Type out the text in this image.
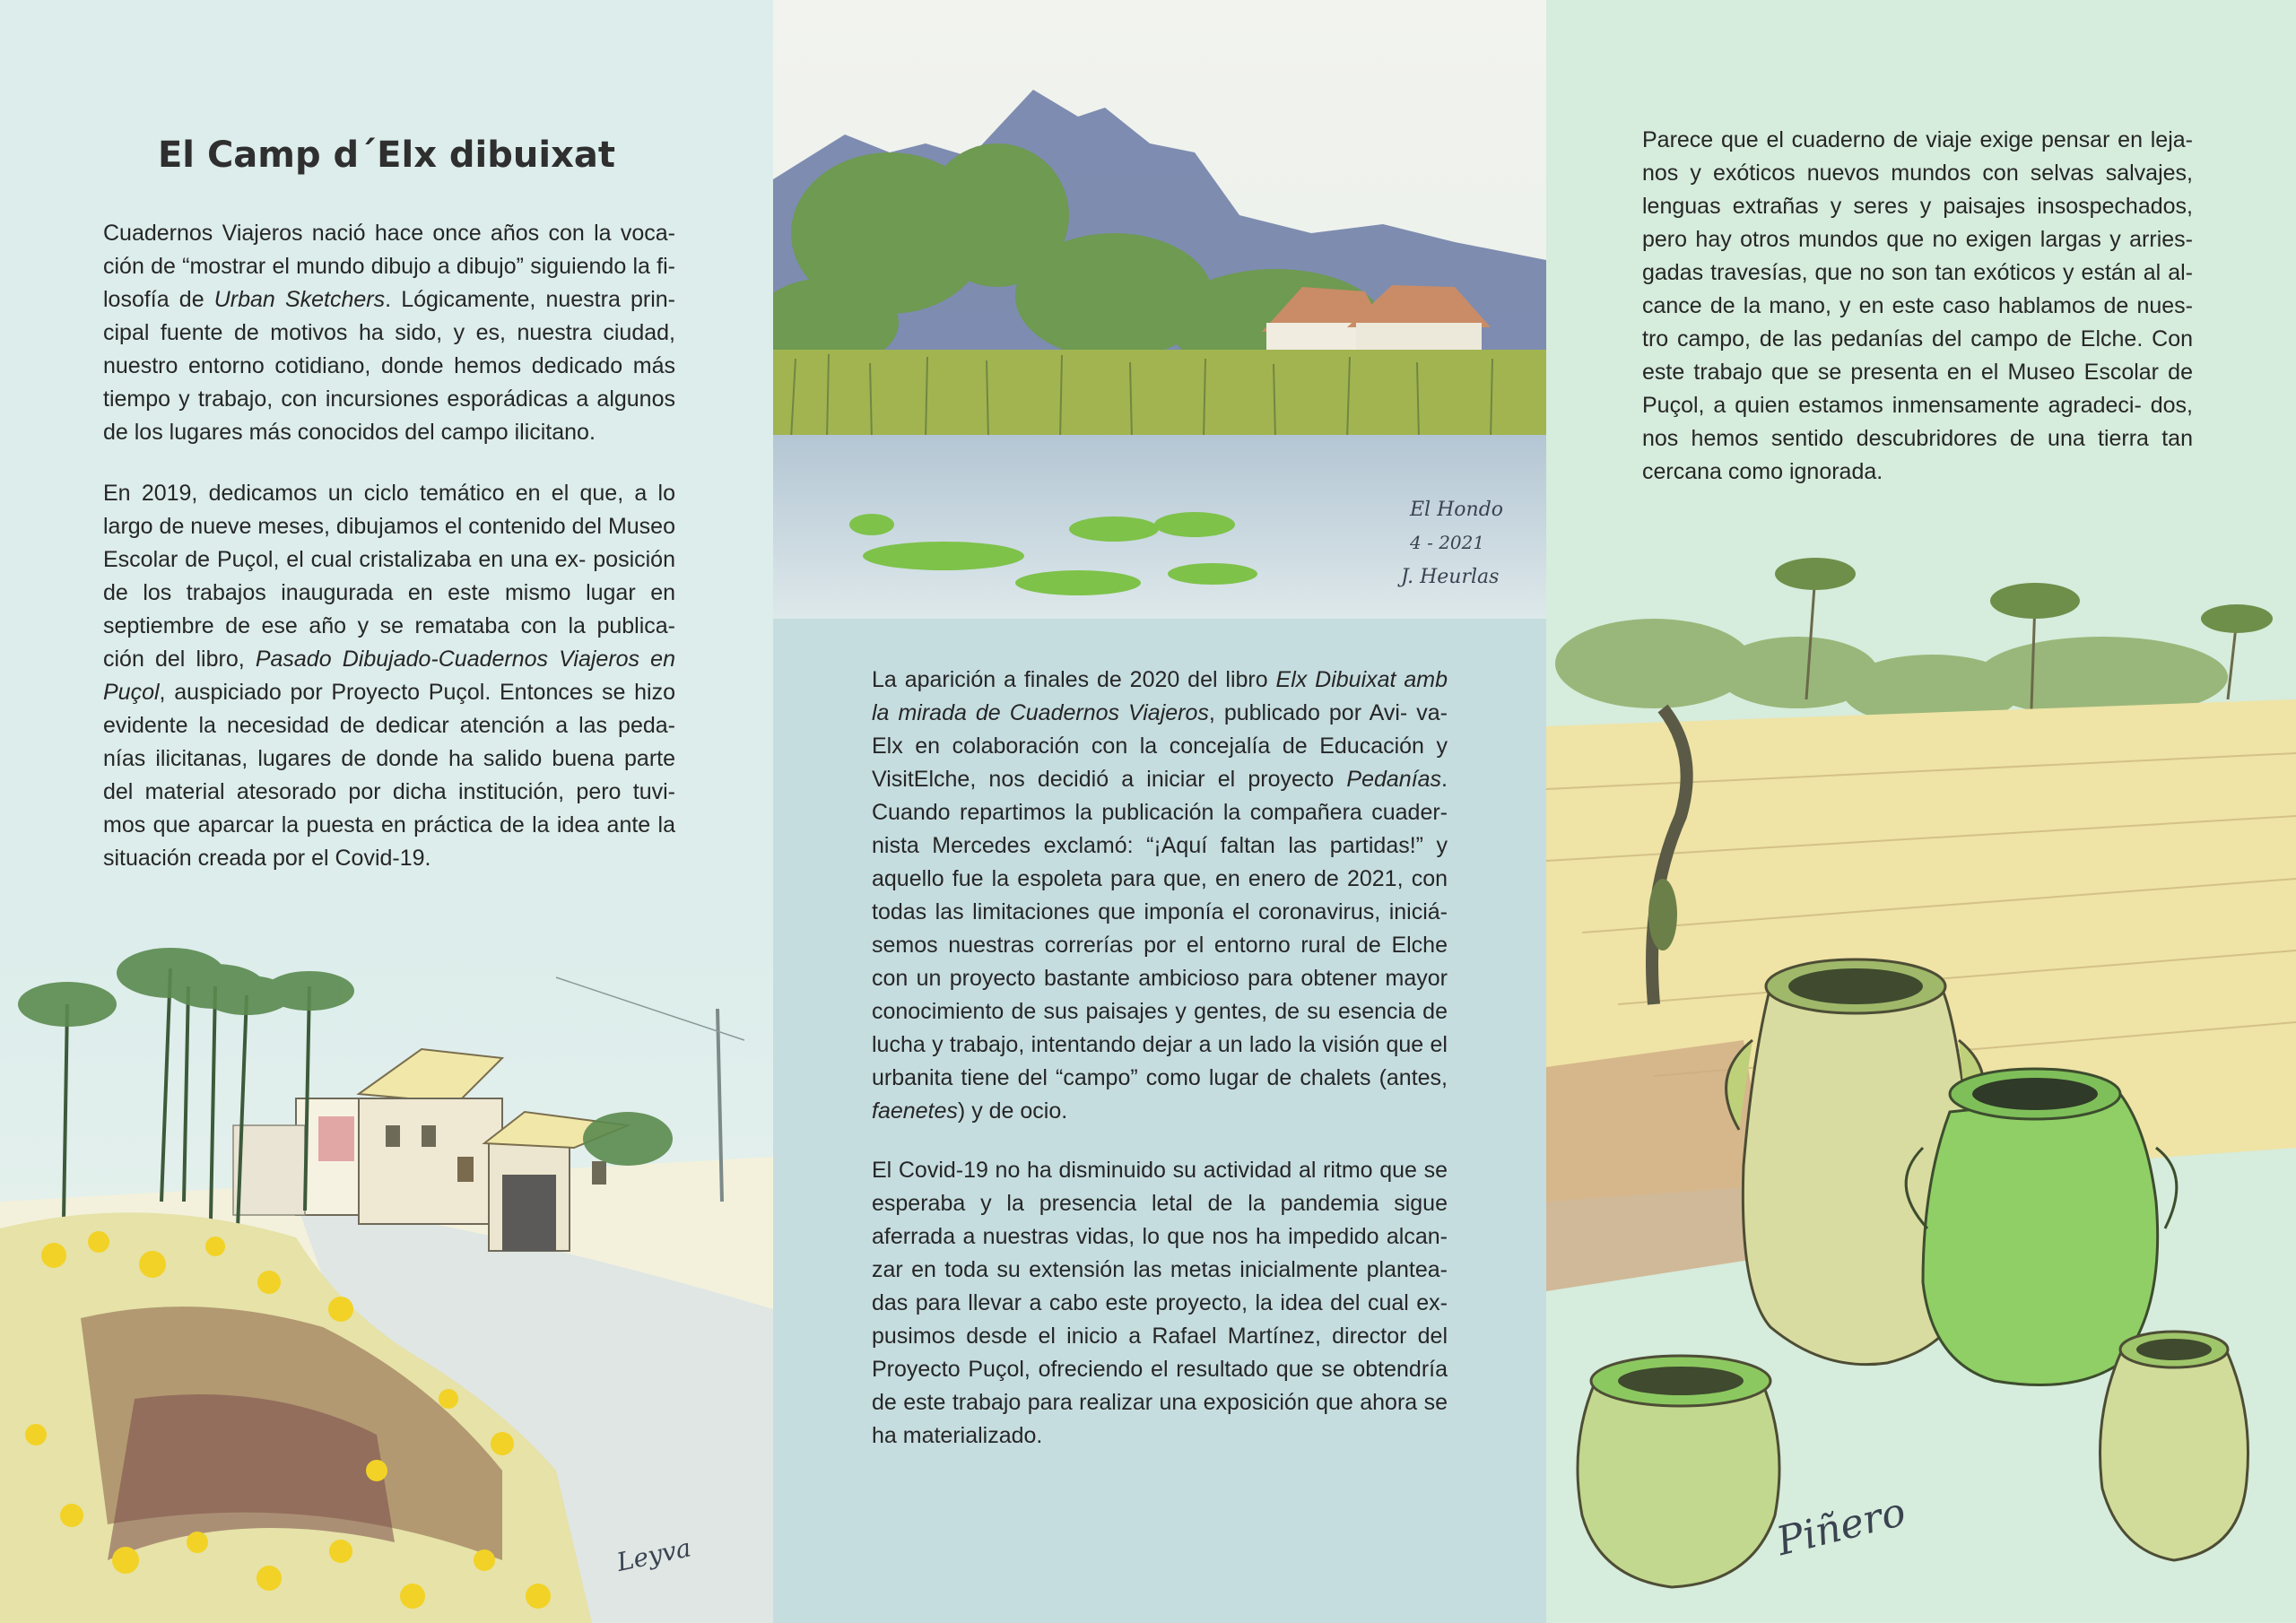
El Camp d´Elx dibuixat

Cuadernos Viajeros nació hace once años con la voca- ción de “mostrar el mundo dibujo a dibujo” siguiendo la fi- losofía de Urban Sketchers. Lógicamente, nuestra prin- cipal fuente de motivos ha sido, y es, nuestra ciudad, nuestro entorno cotidiano, donde hemos dedicado más tiempo y trabajo, con incursiones esporádicas a algunos de los lugares más conocidos del campo ilicitano.

En 2019, dedicamos un ciclo temático en el que, a lo largo de nueve meses, dibujamos el contenido del Museo Escolar de Puçol, el cual cristalizaba en una ex- posición de los trabajos inaugurada en este mismo lugar en septiembre de ese año y se remataba con la publica- ción del libro, Pasado Dibujado-Cuadernos Viajeros en Puçol, auspiciado por Proyecto Puçol. Entonces se hizo evidente la necesidad de dedicar atención a las peda- nías ilicitanas, lugares de donde ha salido buena parte del material atesorado por dicha institución, pero tuvi- mos que aparcar la puesta en práctica de la idea ante la situación creada por el Covid-19.

Leyva
El Hondo
4 - 2021
J. Heurlas

La aparición a finales de 2020 del libro Elx Dibuixat amb la mirada de Cuadernos Viajeros, publicado por Avi- va-Elx en colaboración con la concejalía de Educación y VisitElche, nos decidió a iniciar el proyecto Pedanías. Cuando repartimos la publicación la compañera cuader- nista Mercedes exclamó: “¡Aquí faltan las partidas!” y aquello fue la espoleta para que, en enero de 2021, con todas las limitaciones que imponía el coronavirus, iniciá- semos nuestras correrías por el entorno rural de Elche con un proyecto bastante ambicioso para obtener mayor conocimiento de sus paisajes y gentes, de su esencia de lucha y trabajo, intentando dejar a un lado la visión que el urbanita tiene del “campo” como lugar de chalets (antes, faenetes) y de ocio.

El Covid-19 no ha disminuido su actividad al ritmo que se esperaba y la presencia letal de la pandemia sigue aferrada a nuestras vidas, lo que nos ha impedido alcan- zar en toda su extensión las metas inicialmente plantea- das para llevar a cabo este proyecto, la idea del cual ex- pusimos desde el inicio a Rafael Martínez, director del Proyecto Puçol, ofreciendo el resultado que se obtendría de este trabajo para realizar una exposición que ahora se ha materializado.

Parece que el cuaderno de viaje exige pensar en leja- nos y exóticos nuevos mundos con selvas salvajes, lenguas extrañas y seres y paisajes insospechados, pero hay otros mundos que no exigen largas y arries- gadas travesías, que no son tan exóticos y están al al- cance de la mano, y en este caso hablamos de nues- tro campo, de las pedanías del campo de Elche. Con este trabajo que se presenta en el Museo Escolar de Puçol, a quien estamos inmensamente agradeci- dos, nos hemos sentido descubridores de una tierra tan cercana como ignorada.

Piñero
